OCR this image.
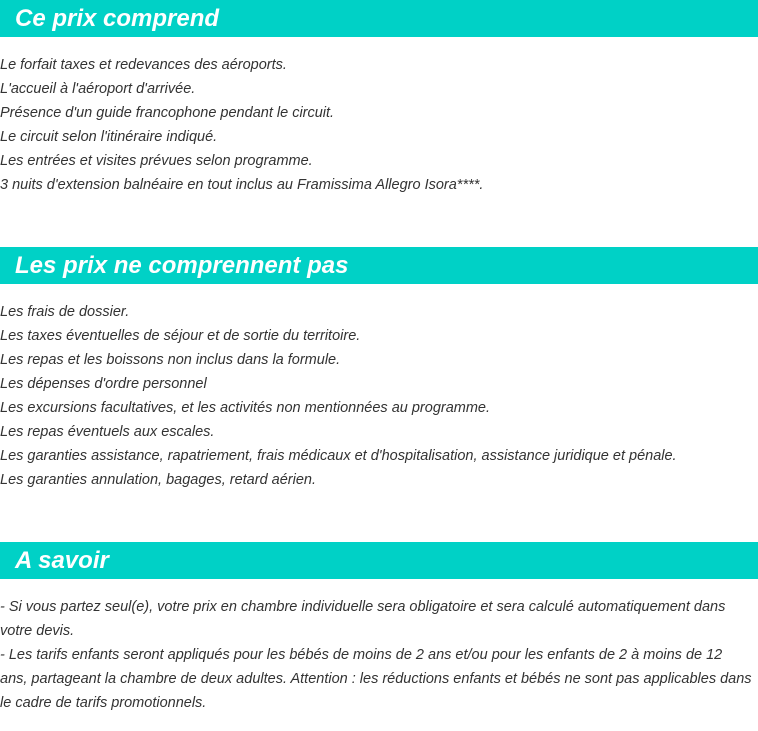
Ce prix comprend
Le forfait taxes et redevances des aéroports.
L'accueil à l'aéroport d'arrivée.
Présence d'un guide francophone pendant le circuit.
Le circuit selon l'itinéraire indiqué.
Les entrées et visites prévues selon programme.
3 nuits d'extension balnéaire en tout inclus au Framissima Allegro Isora****.
Les prix ne comprennent pas
Les frais de dossier.
Les taxes éventuelles de séjour et de sortie du territoire.
Les repas et les boissons non inclus dans la formule.
Les dépenses d'ordre personnel
Les excursions facultatives, et les activités non mentionnées au programme.
Les repas éventuels aux escales.
Les garanties assistance, rapatriement, frais médicaux et d'hospitalisation, assistance juridique et pénale.
Les garanties annulation, bagages, retard aérien.
A savoir

- Si vous partez seul(e), votre prix en chambre individuelle sera obligatoire et sera calculé automatiquement dans votre devis.

- Les tarifs enfants seront appliqués pour les bébés de moins de 2 ans et/ou pour les enfants de 2 à moins de 12 ans, partageant la chambre de deux adultes. Attention : les réductions enfants et bébés ne sont pas applicables dans le cadre de tarifs promotionnels.
